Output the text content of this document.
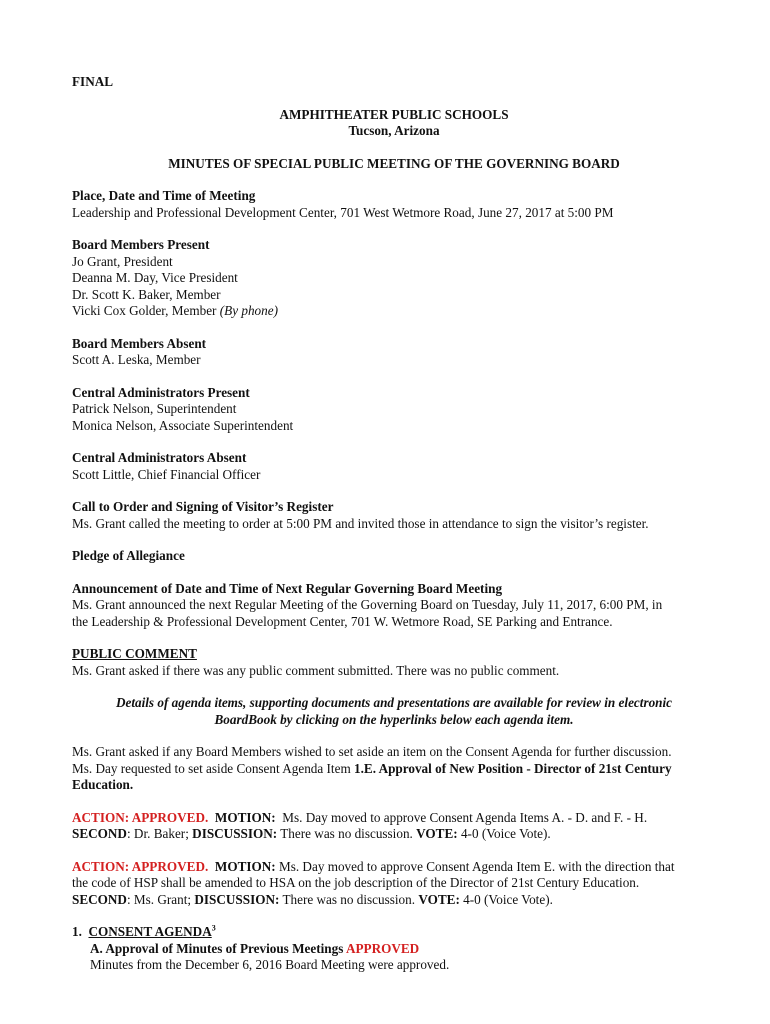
FINAL
AMPHITHEATER PUBLIC SCHOOLS
Tucson, Arizona
MINUTES OF SPECIAL PUBLIC MEETING OF THE GOVERNING BOARD
Place, Date and Time of Meeting
Leadership and Professional Development Center, 701 West Wetmore Road, June 27, 2017 at 5:00 PM
Board Members Present
Jo Grant, President
Deanna M. Day, Vice President
Dr. Scott K. Baker, Member
Vicki Cox Golder, Member (By phone)
Board Members Absent
Scott A. Leska, Member
Central Administrators Present
Patrick Nelson, Superintendent
Monica Nelson, Associate Superintendent
Central Administrators Absent
Scott Little, Chief Financial Officer
Call to Order and Signing of Visitor’s Register
Ms. Grant called the meeting to order at 5:00 PM and invited those in attendance to sign the visitor’s register.
Pledge of Allegiance
Announcement of Date and Time of Next Regular Governing Board Meeting
Ms. Grant announced the next Regular Meeting of the Governing Board on Tuesday, July 11, 2017, 6:00 PM, in
the Leadership & Professional Development Center, 701 W. Wetmore Road, SE Parking and Entrance.
PUBLIC COMMENT
Ms. Grant asked if there was any public comment submitted. There was no public comment.
Details of agenda items, supporting documents and presentations are available for review in electronic
BoardBook by clicking on the hyperlinks below each agenda item.
Ms. Grant asked if any Board Members wished to set aside an item on the Consent Agenda for further discussion.
Ms. Day requested to set aside Consent Agenda Item 1.E. Approval of New Position - Director of 21st Century
Education.
ACTION: APPROVED. MOTION: Ms. Day moved to approve Consent Agenda Items A. - D. and F. - H.
SECOND: Dr. Baker; DISCUSSION: There was no discussion. VOTE: 4-0 (Voice Vote).
ACTION: APPROVED. MOTION: Ms. Day moved to approve Consent Agenda Item E. with the direction that
the code of HSP shall be amended to HSA on the job description of the Director of 21st Century Education.
SECOND: Ms. Grant; DISCUSSION: There was no discussion. VOTE: 4-0 (Voice Vote).
1. CONSENT AGENDA$^3$
A. Approval of Minutes of Previous Meetings APPROVED
Minutes from the December 6, 2016 Board Meeting were approved.
